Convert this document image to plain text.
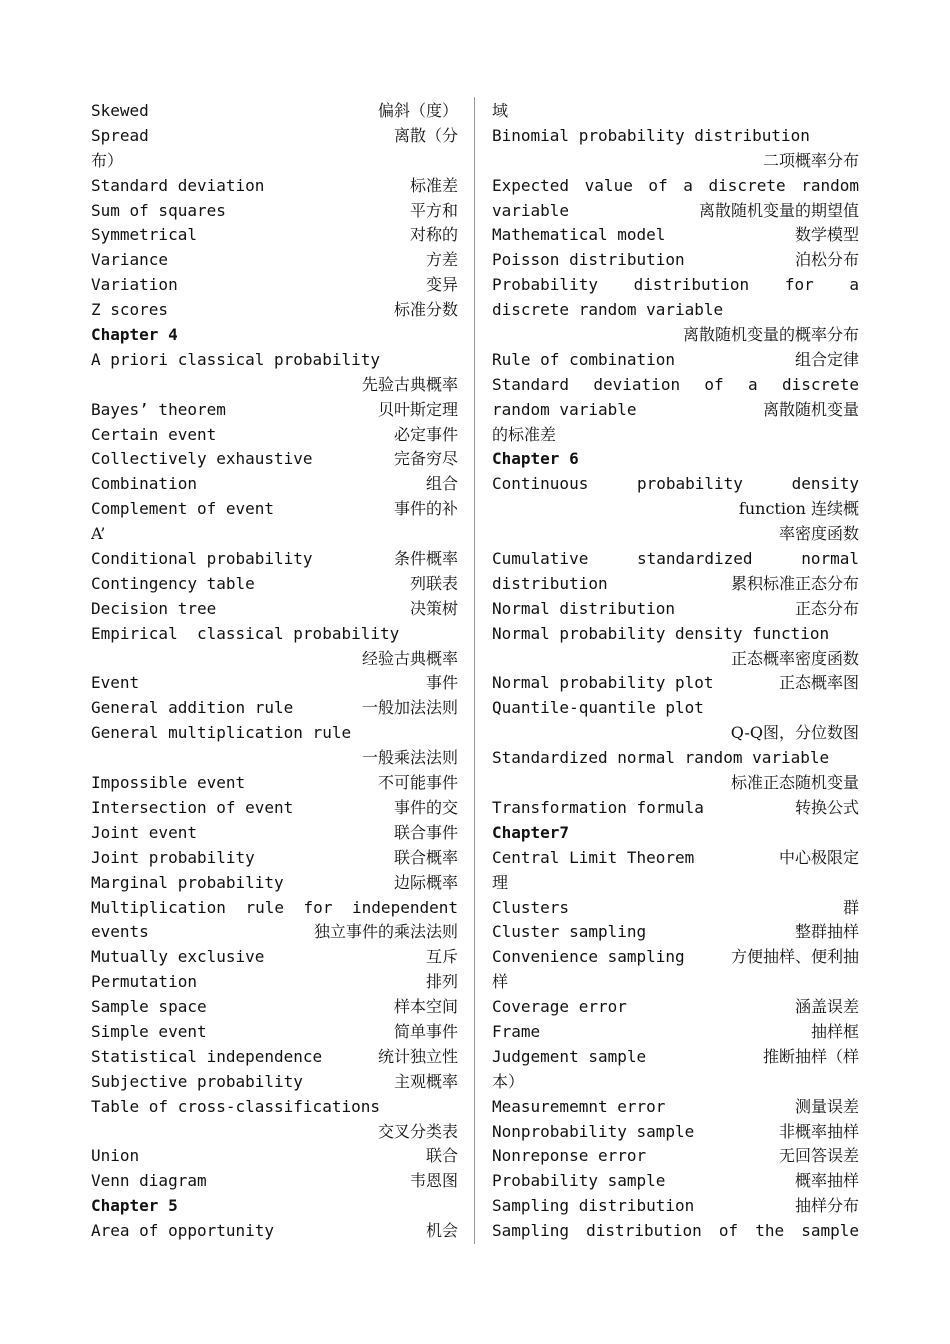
Skewed	偏斜（度）
Spread	离散（分
布）
Standard deviation	标准差
Sum of squares	平方和
Symmetrical	对称的
Variance	方差
Variation	变异
Z scores	标准分数
Chapter 4
A priori classical probability
先验古典概率
Bayes’ theorem	贝叶斯定理
Certain event	必定事件
Collectively exhaustive	完备穷尽
Combination	组合
Complement of event	事件的补
A’
Conditional probability	条件概率
Contingency table	列联表
Decision tree	决策树
Empirical  classical probability
经验古典概率
Event	事件
General addition rule	一般加法法则
General multiplication rule
一般乘法法则
Impossible event	不可能事件
Intersection of event	事件的交
Joint event	联合事件
Joint probability	联合概率
Marginal probability	边际概率
Multiplication rule for independent
events	独立事件的乘法法则
Mutually exclusive	互斥
Permutation	排列
Sample space	样本空间
Simple event	简单事件
Statistical independence	统计独立性
Subjective probability	主观概率
Table of cross-classifications
交叉分类表
Union	联合
Venn diagram	韦恩图
Chapter 5
Area of opportunity	机会
域
Binomial probability distribution
二项概率分布
Expected value of a discrete random
variable	离散随机变量的期望值
Mathematical model	数学模型
Poisson distribution	泊松分布
Probability distribution for a
discrete random variable
离散随机变量的概率分布
Rule of combination	组合定律
Standard deviation of a discrete
random variable	离散随机变量
的标准差
Chapter 6
Continuous probability density
function 连续概
率密度函数
Cumulative standardized normal
distribution	累积标准正态分布
Normal distribution	正态分布
Normal probability density function
正态概率密度函数
Normal probability plot	正态概率图
Quantile-quantile plot
Q-Q图，分位数图
Standardized normal random variable
标准正态随机变量
Transformation formula	转换公式
Chapter7
Central Limit Theorem	中心极限定
理
Clusters	群
Cluster sampling	整群抽样
Convenience sampling	方便抽样、便利抽
样
Coverage error	涵盖误差
Frame	抽样框
Judgement sample	推断抽样（样
本）
Measurememnt error	测量误差
Nonprobability sample	非概率抽样
Nonreponse error	无回答误差
Probability sample	概率抽样
Sampling distribution	抽样分布
Sampling distribution of the sample
